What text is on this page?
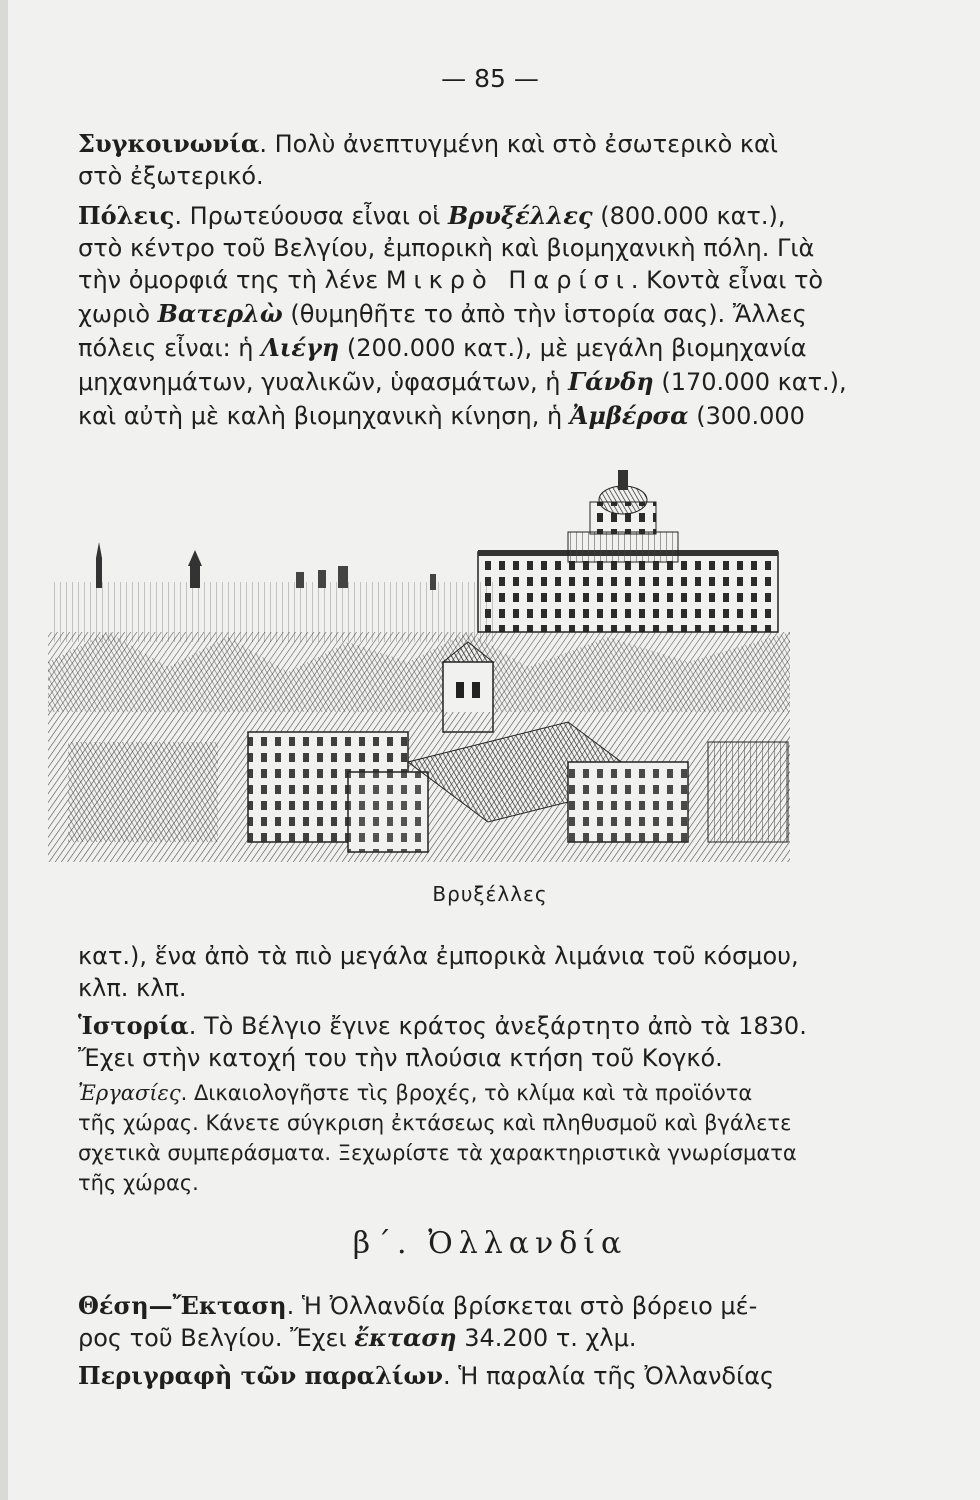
— 85 —
Συγκοινωνία. Πολὺ ἀνεπτυγμένη καὶ στὸ ἐσωτερικὸ καὶ
στὸ ἐξωτερικό.
Πόλεις. Πρωτεύουσα εἶναι οἱ Βρυξέλλες (800.000 κατ.),
στὸ κέντρο τοῦ Βελγίου, ἐμπορικὴ καὶ βιομηχανικὴ πόλη. Γιὰ
τὴν ὀμορφιά της τὴ λένε Μικρὸ Παρίσι. Κοντὰ εἶναι τὸ
χωριὸ Βατερλὼ (θυμηθῆτε το ἀπὸ τὴν ἱστορία σας). Ἄλλες
πόλεις εἶναι: ἡ Λιέγη (200.000 κατ.), μὲ μεγάλη βιομηχανία
μηχανημάτων, γυαλικῶν, ὑφασμάτων, ἡ Γάνδη (170.000 κατ.),
καὶ αὐτὴ μὲ καλὴ βιομηχανικὴ κίνηση, ἡ Ἀμβέρσα (300.000
Βρυξέλλες
κατ.), ἕνα ἀπὸ τὰ πιὸ μεγάλα ἐμπορικὰ λιμάνια τοῦ κόσμου,
κλπ. κλπ.
Ἱστορία. Τὸ Βέλγιο ἔγινε κράτος ἀνεξάρτητο ἀπὸ τὰ 1830.
Ἔχει στὴν κατοχή του τὴν πλούσια κτήση τοῦ Κογκό.
Ἐργασίες. Δικαιολογῆστε τὶς βροχές, τὸ κλίμα καὶ τὰ προϊόντα
τῆς χώρας. Κάνετε σύγκριση ἐκτάσεως καὶ πληθυσμοῦ καὶ βγάλετε
σχετικὰ συμπεράσματα. Ξεχωρίστε τὰ χαρακτηριστικὰ γνωρίσματα
τῆς χώρας.
β΄. Ὀλλανδία
Θέση—Ἔκταση. Ἡ Ὀλλανδία βρίσκεται στὸ βόρειο μέ-
ρος τοῦ Βελγίου. Ἔχει ἔκταση 34.200 τ. χλμ.
Περιγραφὴ τῶν παραλίων. Ἡ παραλία τῆς Ὀλλανδίας
